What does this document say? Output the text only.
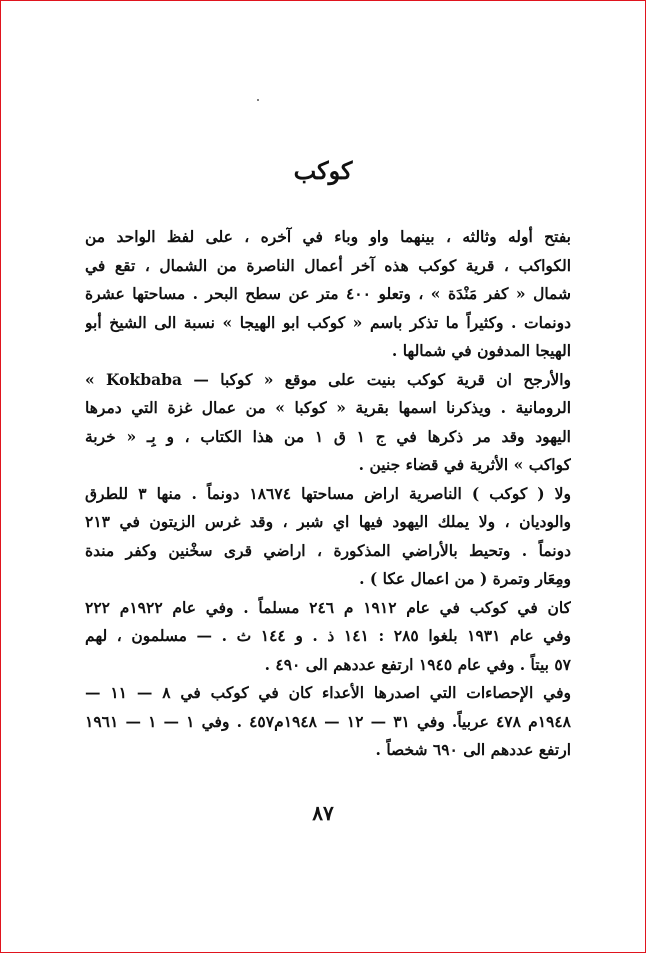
كوكب
بفتح أوله وثالثه ، بينهما واو وباء في آخره ، على لفظ الواحد من
الكواكب ، قرية كوكب هذه آخر أعمال الناصرة من الشمال ، تقع في
شمال « كفر مَنْدَة » ، وتعلو ٤٠٠ متر عن سطح البحر . مساحتها عشرة
دونمات . وكثيراً ما تذكر باسم « كوكب ابو الهيجا » نسبة الى الشيخ أبو
الهيجا المدفون في شمالها .
والأرجح ان قرية كوكب بنيت على موقع « كوكبا — Kokbaba »
الرومانية . ويذكرنا اسمها بقرية « كوكبا » من عمال غزة التي دمرها
اليهود وقد مر ذكرها في ج ١ ق ١ من هذا الكتاب ، و بِـ « خربة
كواكب » الأثرية في قضاء جنين .
ولا ( كوكب ) الناصرية اراض مساحتها ١٨٦٧٤ دونماً . منها ٣ للطرق
والوديان ، ولا يملك اليهود فيها اي شبر ، وقد غرس الزيتون في ٢١٣
دونماً . وتحيط بالأراضي المذكورة ، اراضي قرى سخْنين وكفر مندة
ومِعَار وتمرة ( من اعمال عكا ) .
كان في كوكب في عام ١٩١٢ م ٢٤٦ مسلماً . وفي عام ١٩٢٢م ٢٢٢
وفي عام ١٩٣١ بلغوا ٢٨٥ : ١٤١ ذ . و ١٤٤ ث . — مسلمون ، لهم
٥٧ بيتاً . وفي عام ١٩٤٥ ارتفع عددهم الى ٤٩٠ .
وفي الإحصاءات التي اصدرها الأعداء كان في كوكب في ٨ — ١١ —
١٩٤٨م ٤٧٨ عربياً. وفي ٣١ — ١٢ — ١٩٤٨م٤٥٧ . وفي ١ — ١ — ١٩٦١
ارتفع عددهم الى ٦٩٠ شخصاً .
٨٧
